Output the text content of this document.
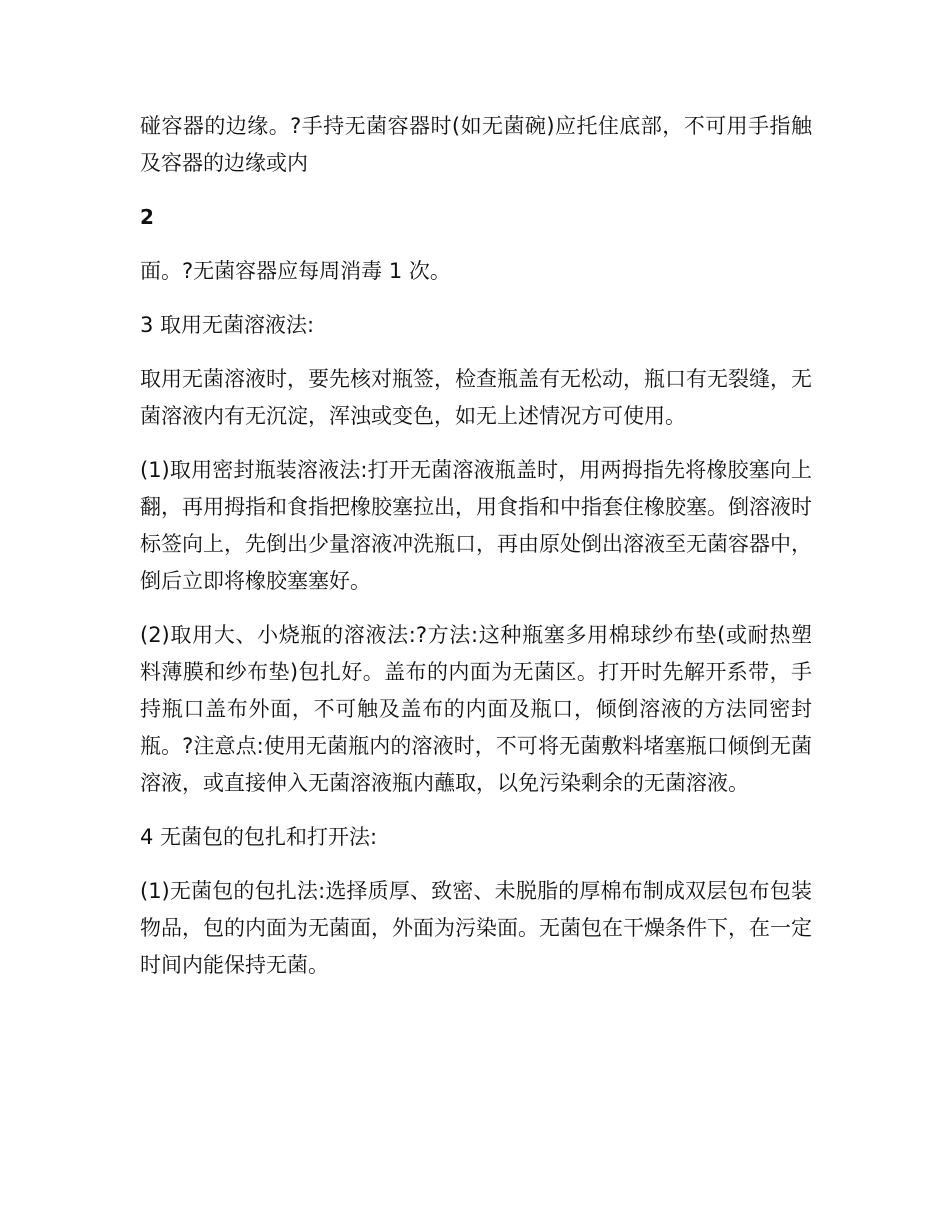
碰容器的边缘。?手持无菌容器时(如无菌碗)应托住底部，不可用手指触及容器的边缘或内

2

面。?无菌容器应每周消毒 1 次。

3 取用无菌溶液法:

取用无菌溶液时，要先核对瓶签，检查瓶盖有无松动，瓶口有无裂缝，无菌溶液内有无沉淀，浑浊或变色，如无上述情况方可使用。

(1)取用密封瓶装溶液法:打开无菌溶液瓶盖时，用两拇指先将橡胶塞向上翻，再用拇指和食指把橡胶塞拉出，用食指和中指套住橡胶塞。倒溶液时标签向上，先倒出少量溶液冲洗瓶口，再由原处倒出溶液至无菌容器中，倒后立即将橡胶塞塞好。

(2)取用大、小烧瓶的溶液法:?方法:这种瓶塞多用棉球纱布垫(或耐热塑料薄膜和纱布垫)包扎好。盖布的内面为无菌区。打开时先解开系带，手持瓶口盖布外面，不可触及盖布的内面及瓶口，倾倒溶液的方法同密封瓶。?注意点:使用无菌瓶内的溶液时，不可将无菌敷料堵塞瓶口倾倒无菌溶液，或直接伸入无菌溶液瓶内蘸取，以免污染剩余的无菌溶液。

4 无菌包的包扎和打开法:

(1)无菌包的包扎法:选择质厚、致密、未脱脂的厚棉布制成双层包布包装物品，包的内面为无菌面，外面为污染面。无菌包在干燥条件下，在一定时间内能保持无菌。
